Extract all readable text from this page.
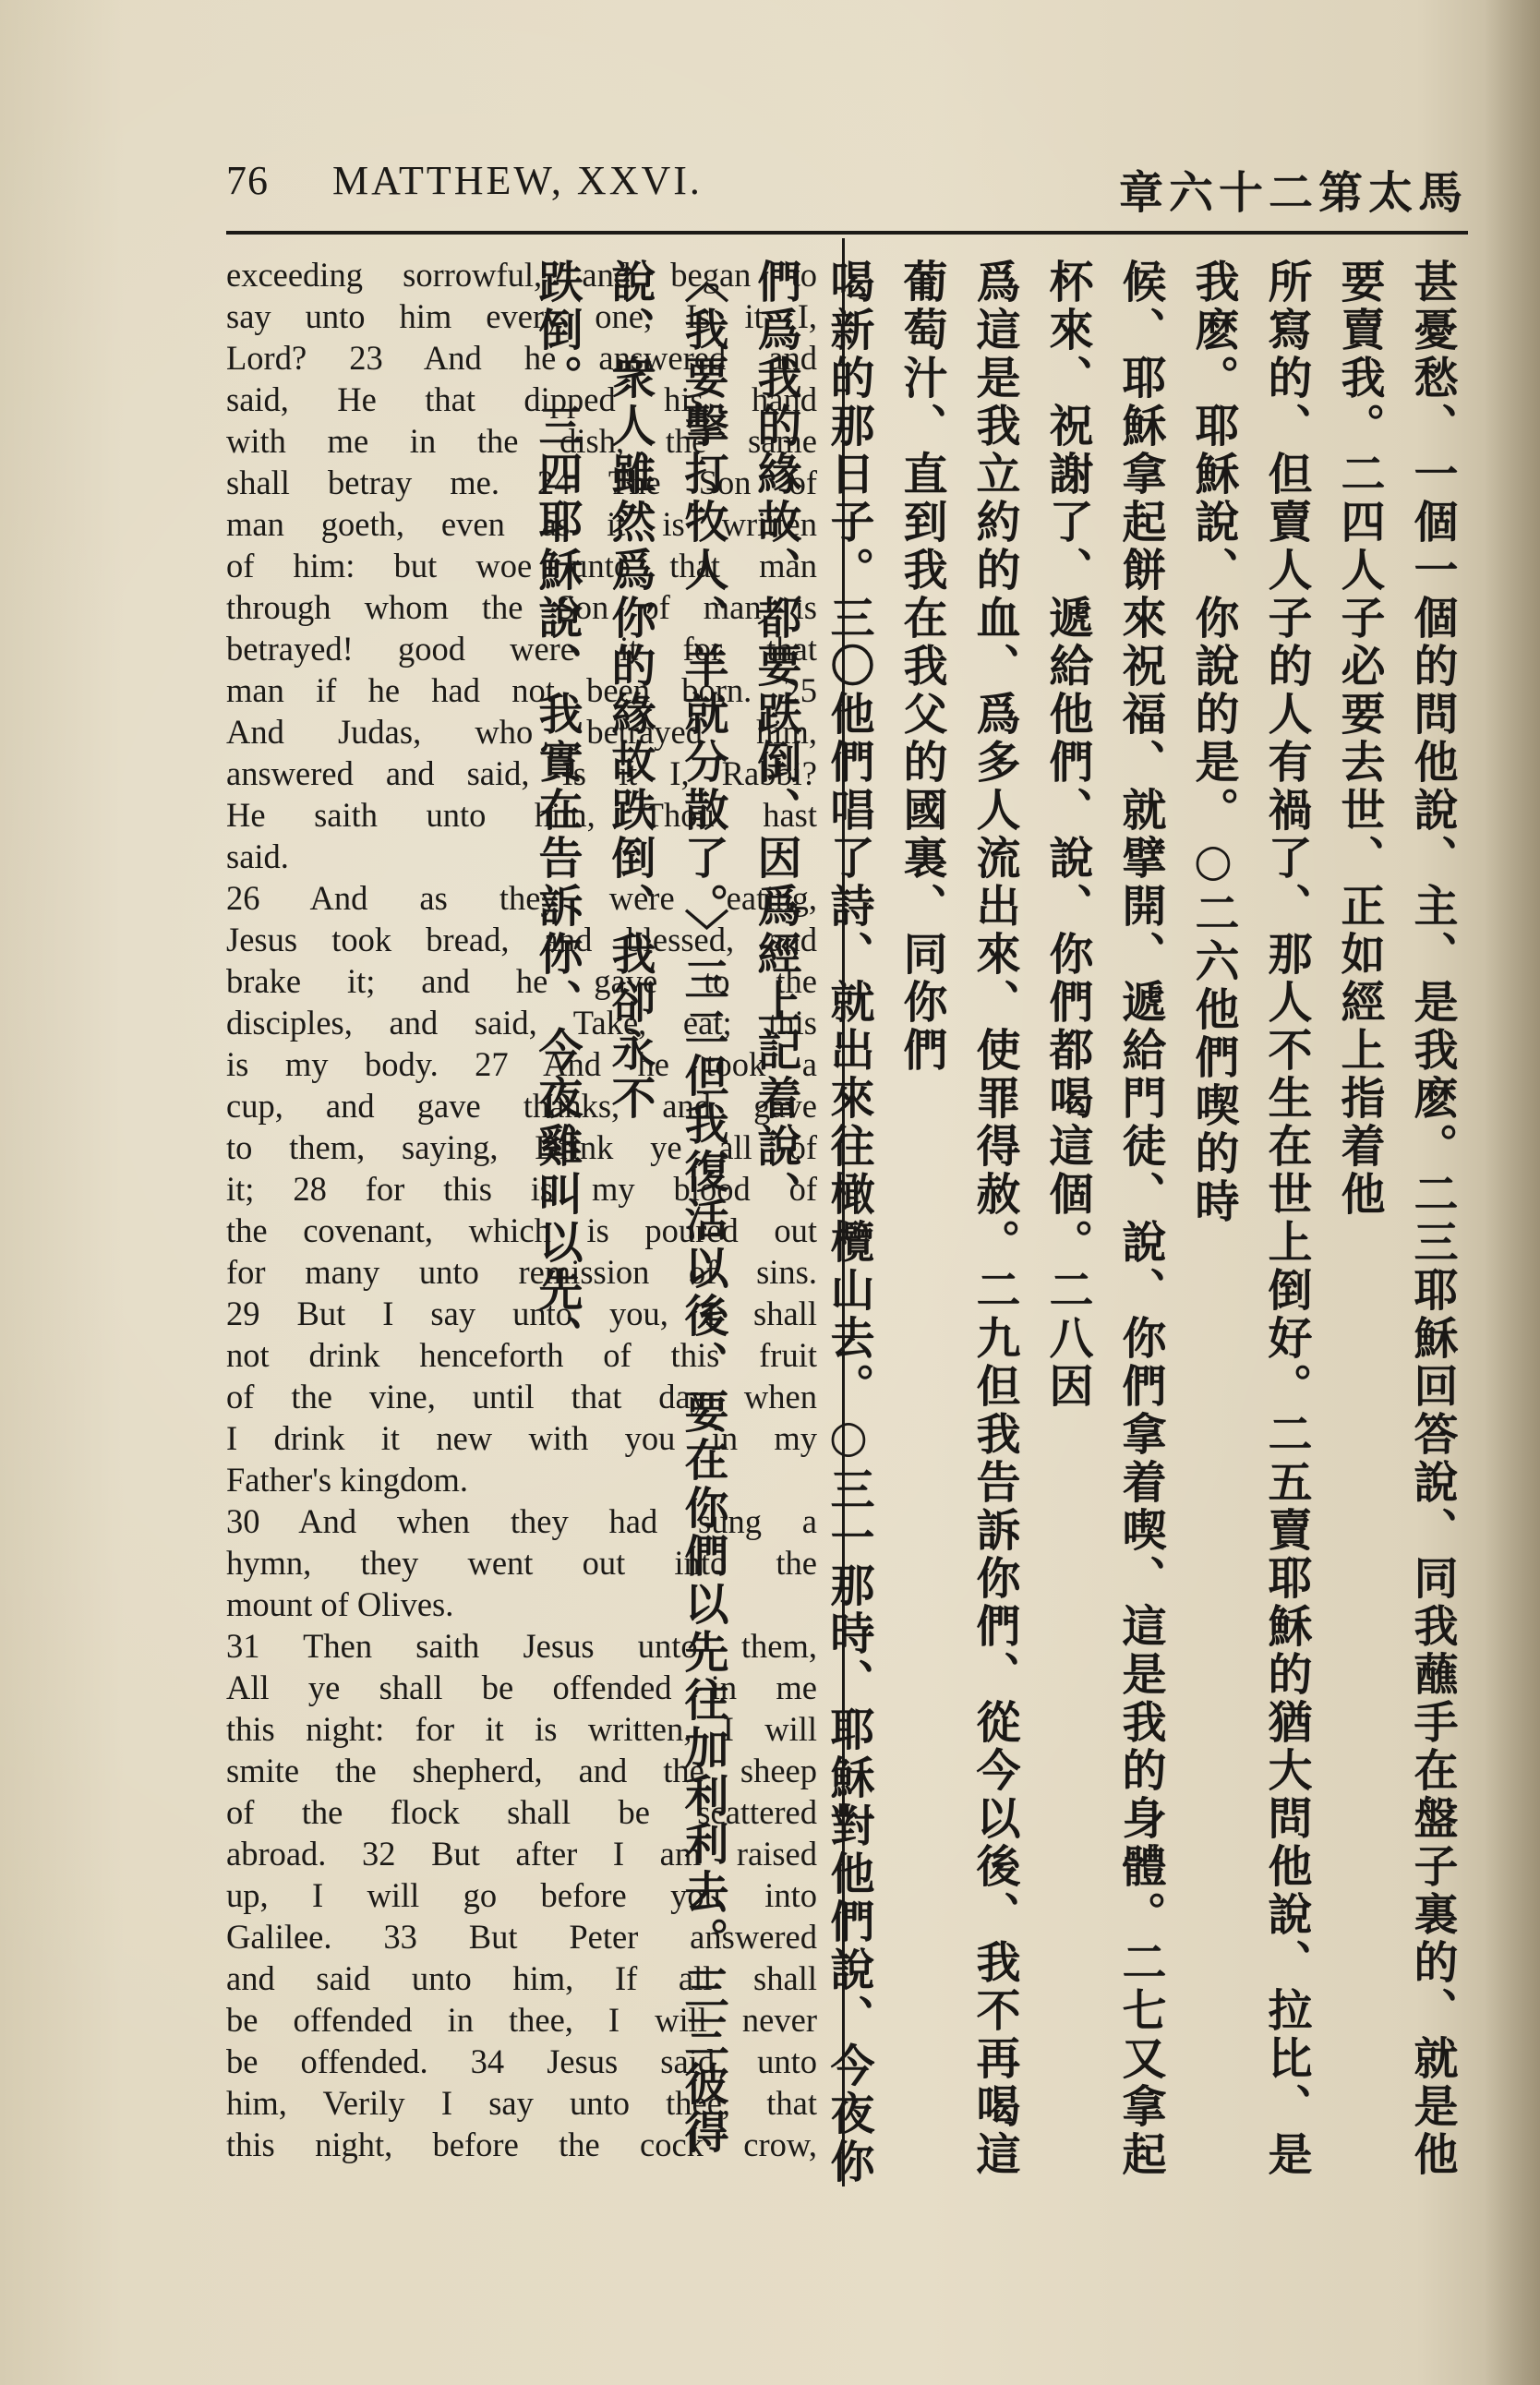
76 MATTHEW, XXVI.	章六十二第太馬

exceeding sorrowful, and began to

say unto him every one, Is it I,

Lord? 23 And he answered and

said, He that dipped his hand

with me in the dish, the same

shall betray me. 24 The Son of

man goeth, even as it is written

of him: but woe unto that man

through whom the Son of man is

betrayed! good were it for that

man if he had not been born. 25

And Judas, who betrayed him,

answered and said, Is it I, Rabbi?

He saith unto him, Thou hast

said.

26 And as they were eating,

Jesus took bread, and blessed, and

brake it; and he gave to the

disciples, and said, Take, eat; this

is my body. 27 And he took a

cup, and gave thanks, and gave

to them, saying, Drink ye all of

it; 28 for this is my blood of

the covenant, which is poured out

for many unto remission of sins.

29 But I say unto you, I shall

not drink henceforth of this fruit

of the vine, until that day when

I drink it new with you in my

Father's kingdom.

30 And when they had sung a

hymn, they went out into the

mount of Olives.

31 Then saith Jesus unto them,

All ye shall be offended in me

this night: for it is written, I will

smite the shepherd, and the sheep

of the flock shall be scattered

abroad. 32 But after I am raised

up, I will go before you into

Galilee. 33 But Peter answered

and said unto him, If all shall

be offended in thee, I will never

be offended. 34 Jesus said unto

him, Verily I say unto thee, that

this night, before the cock crow,	甚憂愁、一個一個的問他說、主、是我麽。二三耶穌回答說、同我蘸手在盤子裏的、就是他要賣我。二四人子必要去世、正如經上指着他

所寫的、但賣人子的人有禍了、那人不生在世上倒好。二五賣耶穌的猶大問他說、拉比、是我麽。耶穌說、你說的是。○二六他們喫的時

候、耶穌拿起餅來祝福、就擘開、遞給門徒、說、你們拿着喫、這是我的身體。二七又拿起杯來、祝謝了、遞給他們、說、你們都喝這個。二八因

爲這是我立約的血、爲多人流出來、使罪得赦。二九但我告訴你們、從今以後、我不再喝這葡萄汁、直到我在我父的國裏、同你們

喝新的那日子。三〇他們唱了詩、就出來往橄欖山去。○三一那時、耶穌對他們說、今夜你們爲我的緣故、都要跌倒、因爲經上記着說、

〈我要擊打牧人、羊就分散了。〉三二但我復活以後、要在你們以先往加利利去。三三彼得說、衆人雖然爲你的緣故跌倒、我卻永不

跌倒。三四耶穌說、我實在告訴你、今夜雞叫以先、
